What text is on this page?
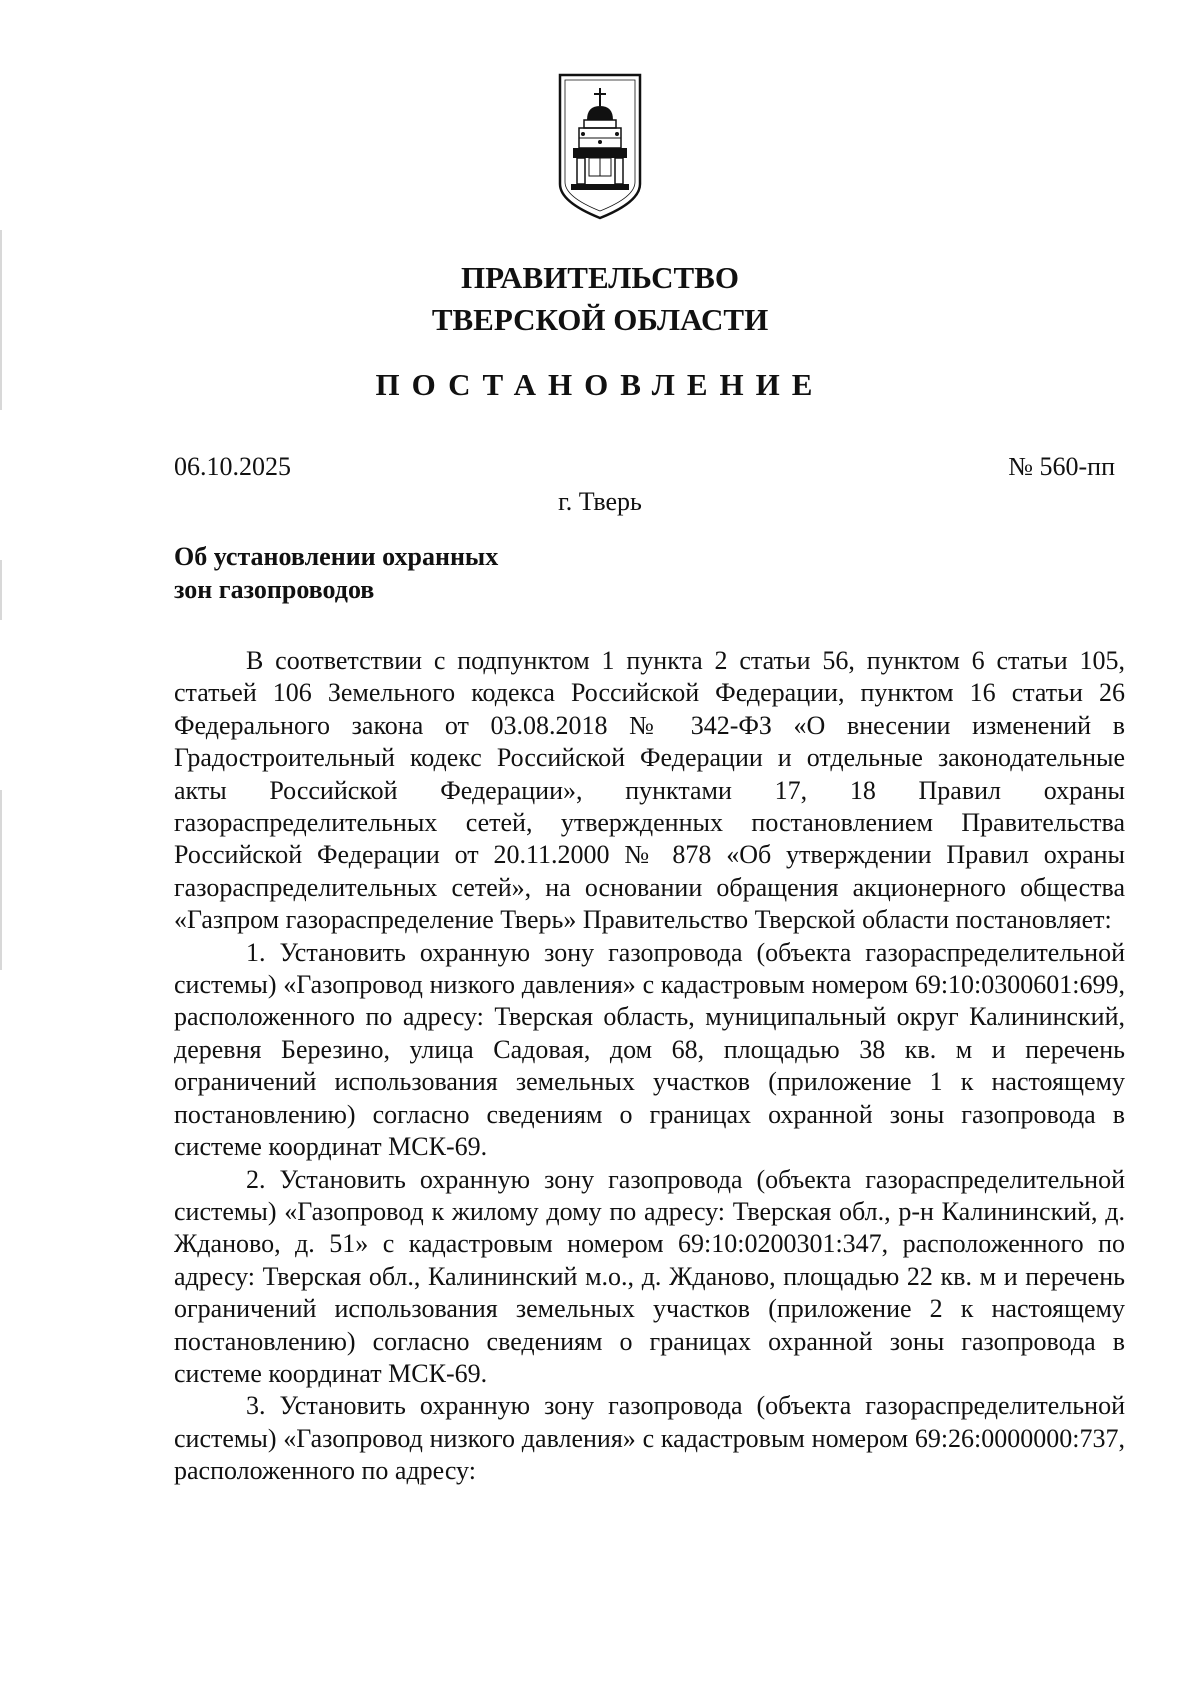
ПРАВИТЕЛЬСТВО
ТВЕРСКОЙ ОБЛАСТИ
ПОСТАНОВЛЕНИЕ

06.10.2025	№ 560-пп

г. Тверь

Об установлении охранных
зон газопроводов

В соответствии с подпунктом 1 пункта 2 статьи 56, пунктом 6 статьи 105, статьей 106 Земельного кодекса Российской Федерации, пунктом 16 статьи 26 Федерального закона от 03.08.2018 № 342-ФЗ «О внесении изменений в Градостроительный кодекс Российской Федерации и отдельные законодательные акты Российской Федерации», пунктами 17, 18 Правил охраны газораспределительных сетей, утвержденных постановлением Правительства Российской Федерации от 20.11.2000 № 878 «Об утверждении Правил охраны газораспределительных сетей», на основании обращения акционерного общества «Газпром газораспределение Тверь» Правительство Тверской области постановляет:

1. Установить охранную зону газопровода (объекта газораспределительной системы) «Газопровод низкого давления» с кадастровым номером 69:10:0300601:699, расположенного по адресу: Тверская область, муниципальный округ Калининский, деревня Березино, улица Садовая, дом 68, площадью 38 кв. м и перечень ограничений использования земельных участков (приложение 1 к настоящему постановлению) согласно сведениям о границах охранной зоны газопровода в системе координат МСК-69.

2. Установить охранную зону газопровода (объекта газораспределительной системы) «Газопровод к жилому дому по адресу: Тверская обл., р-н Калининский, д. Жданово, д. 51» с кадастровым номером 69:10:0200301:347, расположенного по адресу: Тверская обл., Калининский м.о., д. Жданово, площадью 22 кв. м и перечень ограничений использования земельных участков (приложение 2 к настоящему постановлению) согласно сведениям о границах охранной зоны газопровода в системе координат МСК-69.

3. Установить охранную зону газопровода (объекта газораспределительной системы) «Газопровод низкого давления» с кадастровым номером 69:26:0000000:737, расположенного по адресу:
